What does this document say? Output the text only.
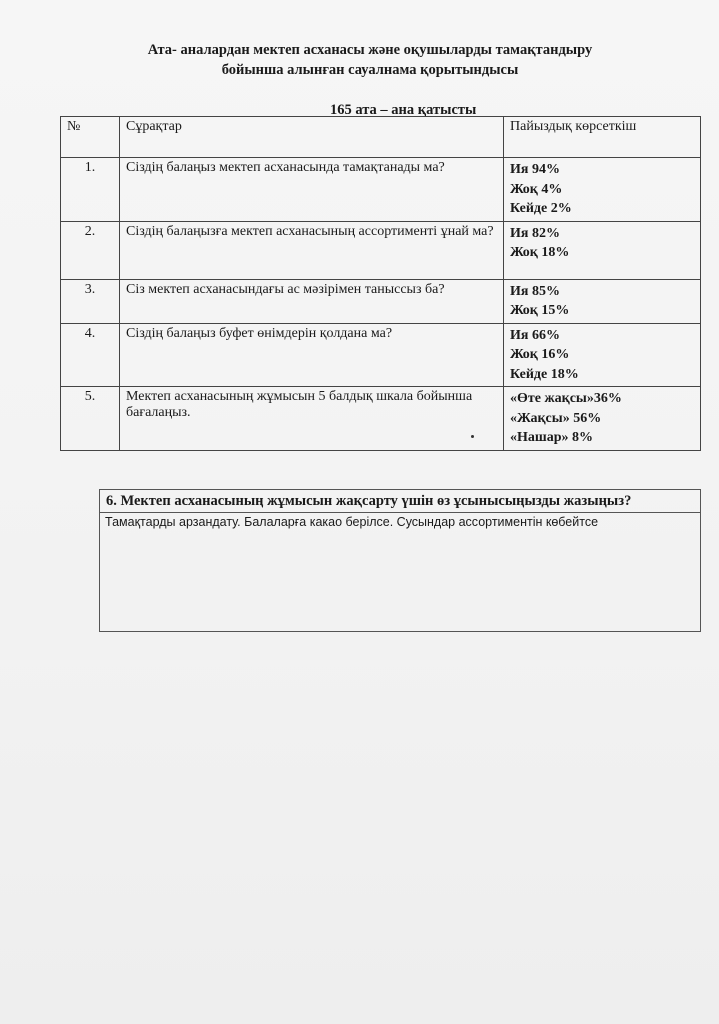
Ата- аналардан мектеп асханасы және оқушыларды тамақтандыру
бойынша алынған сауалнама қорытындысы
165 ата – ана қатысты
№	Сұрақтар	Пайыздық көрсеткіш
1.	Сіздің балаңыз мектеп асханасында тамақтанады ма?	Ия 94%
Жоқ 4%
Кейде 2%

2.	Сіздің балаңызға мектеп асханасының ассортименті ұнай ма?	Ия 82%
Жоқ 18%

3.	Сіз мектеп асханасындағы ас мәзірімен таныссыз ба?	Ия 85%
Жоқ 15%

4.	Сіздің балаңыз буфет өнімдерін қолдана ма?	Ия 66%
Жоқ 16%
Кейде 18%

5.	Мектеп асханасының жұмысын 5 балдық шкала бойынша бағалаңыз.	«Өте жақсы»36%
«Жақсы» 56%
«Нашар» 8%
6. Мектеп асханасының жұмысын жақсарту үшін өз ұсынысыңызды жазыңыз?
Тамақтарды арзандату. Балаларға какао берілсе. Сусындар ассортиментін көбейтсе
